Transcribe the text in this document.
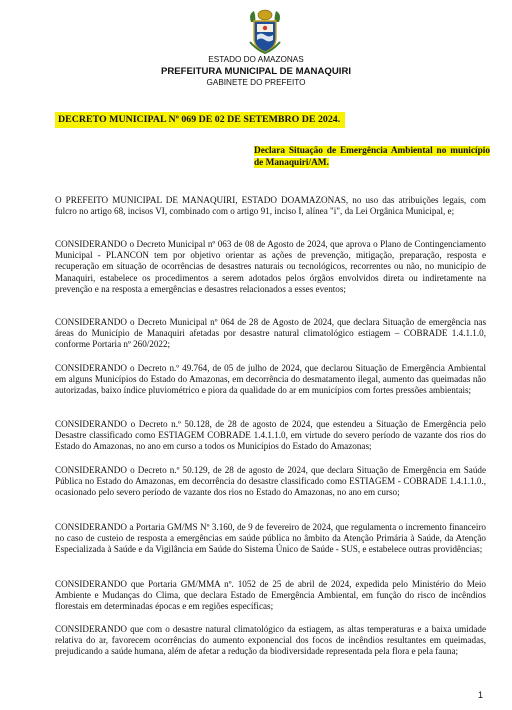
ESTADO DO AMAZONAS
PREFEITURA MUNICIPAL DE MANAQUIRI
GABINETE DO PREFEITO
DECRETO MUNICIPAL Nº 069 DE 02 DE SETEMBRO DE 2024.
Declara Situação de Emergência Ambiental no município de Manaquiri/AM.

O PREFEITO MUNICIPAL DE MANAQUIRI, ESTADO DOAMAZONAS, no uso das atribuições legais, com fulcro no artigo 68, incisos VI, combinado com o artigo 91, inciso I, alínea "i", da Lei Orgânica Municipal, e;

CONSIDERANDO o Decreto Municipal nº 063 de 08 de Agosto de 2024, que aprova o Plano de Contingenciamento Municipal - PLANCON tem por objetivo orientar as ações de prevenção, mitigação, preparação, resposta e recuperação em situação de ocorrências de desastres naturais ou tecnológicos, recorrentes ou não, no município de Manaquiri, estabelece os procedimentos a serem adotados pelos órgãos envolvidos direta ou indiretamente na prevenção e na resposta a emergências e desastres relacionados a esses eventos;

CONSIDERANDO o Decreto Municipal nº 064 de 28 de Agosto de 2024, que declara Situação de emergência nas áreas do Município de Manaquiri afetadas por desastre natural climatológico estiagem – COBRADE 1.4.1.1.0, conforme Portaria nº 260/2022;

CONSIDERANDO o Decreto n.º 49.764, de 05 de julho de 2024, que declarou Situação de Emergência Ambiental em alguns Municípios do Estado do Amazonas, em decorrência do desmatamento ilegal, aumento das queimadas não autorizadas, baixo índice pluviométrico e piora da qualidade do ar em municípios com fortes pressões ambientais;

CONSIDERANDO o Decreto n.º 50.128, de 28 de agosto de 2024, que estendeu a Situação de Emergência pelo Desastre classificado como ESTIAGEM COBRADE 1.4.1.1.0, em virtude do severo período de vazante dos rios do Estado do Amazonas, no ano em curso a todos os Municípios do Estado do Amazonas;

CONSIDERANDO o Decreto n.º 50.129, de 28 de agosto de 2024, que declara Situação de Emergência em Saúde Pública no Estado do Amazonas, em decorrência do desastre classificado como ESTIAGEM - COBRADE 1.4.1.1.0., ocasionado pelo severo período de vazante dos rios no Estado do Amazonas, no ano em curso;

CONSIDERANDO a Portaria GM/MS Nº 3.160, de 9 de fevereiro de 2024, que regulamenta o incremento financeiro no caso de custeio de resposta a emergências em saúde pública no âmbito da Atenção Primária à Saúde, da Atenção Especializada à Saúde e da Vigilância em Saúde do Sistema Único de Saúde - SUS, e estabelece outras providências;

CONSIDERANDO que Portaria GM/MMA nº. 1052 de 25 de abril de 2024, expedida pelo Ministério do Meio Ambiente e Mudanças do Clima, que declara Estado de Emergência Ambiental, em função do risco de incêndios florestais em determinadas épocas e em regiões específicas;

CONSIDERANDO que com o desastre natural climatológico da estiagem, as altas temperaturas e a baixa umidade relativa do ar, favorecem ocorrências do aumento exponencial dos focos de incêndios resultantes em queimadas, prejudicando a saúde humana, além de afetar a redução da biodiversidade representada pela flora e pela fauna;

1
